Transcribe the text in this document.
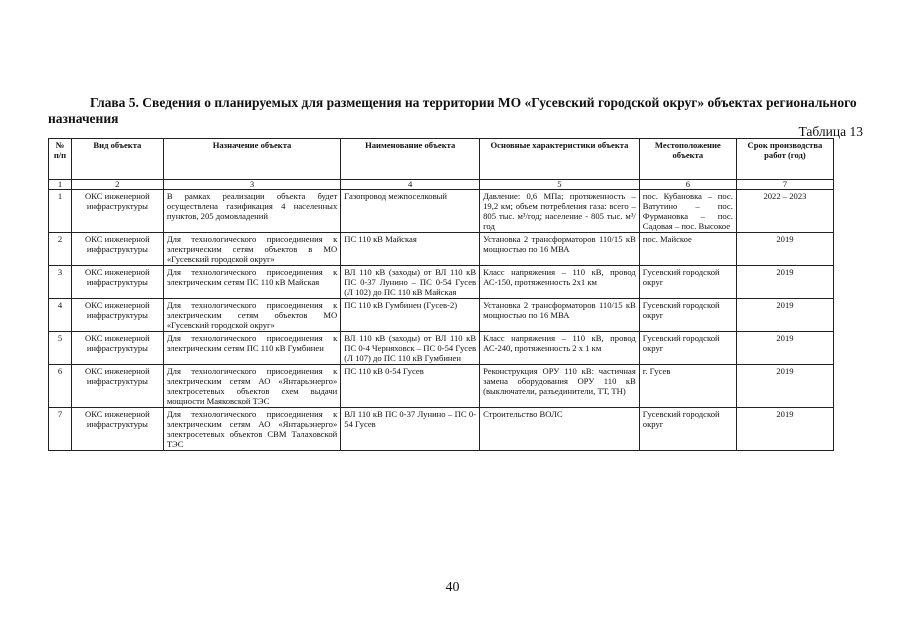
Глава 5. Сведения о планируемых для размещения на территории МО «Гусевский городской округ» объектах регионального назначения
Таблица 13
№ п/п	Вид объекта	Назначение объекта	Наименование объекта	Основные характеристики объекта	Местоположение объекта	Срок производства работ (год)
1	2	3	4	5	6	7
1	ОКС инженерной инфраструктуры	В рамках реализации объекта будет осуществлена газификация 4 населенных пунктов, 205 домовладений	Газопровод межпоселковый	Давление: 0,6 МПа; протяженность – 19,2 км; объем потребления газа: всего – 805 тыс. м³/год; население - 805 тыс. м³/год	пос. Кубановка – пос. Ватутино – пос. Фурмановка – пос. Садовая – пос. Высокое	2022 – 2023
2	ОКС инженерной инфраструктуры	Для технологического присоединения к электрическим сетям объектов в МО «Гусевский городской округ»	ПС 110 кВ Майская	Установка 2 трансформаторов 110/15 кВ мощностью по 16 МВА	пос. Майское	2019
3	ОКС инженерной инфраструктуры	Для технологического присоединения к электрическим сетям ПС 110 кВ Майская	ВЛ 110 кВ (заходы) от ВЛ 110 кВ ПС 0-37 Лунино – ПС 0-54 Гусев (Л 102) до ПС 110 кВ Майская	Класс напряжения – 110 кВ, провод АС-150, протяженность 2х1 км	Гусевский городской округ	2019
4	ОКС инженерной инфраструктуры	Для технологического присоединения к электрическим сетям объектов МО «Гусевский городской округ»	ПС 110 кВ Гумбинен (Гусев-2)	Установка 2 трансформаторов 110/15 кВ мощностью по 16 МВА	Гусевский городской округ	2019
5	ОКС инженерной инфраструктуры	Для технологического присоединения к электрическим сетям ПС 110 кВ Гумбинен	ВЛ 110 кВ (заходы) от ВЛ 110 кВ ПС 0-4 Черняховск – ПС 0-54 Гусев (Л 107) до ПС 110 кВ Гумбинен	Класс напряжения – 110 кВ, провод АС-240, протяженность 2 х 1 км	Гусевский городской округ	2019
6	ОКС инженерной инфраструктуры	Для технологического присоединения к электрическим сетям АО «Янтарьэнерго» электросетевых объектов схем выдачи мощности Маяковской ТЭС	ПС 110 кВ 0-54 Гусев	Реконструкция ОРУ 110 кВ: частичная замена оборудования ОРУ 110 кВ (выключатели, разъединители, ТТ, ТН)	г. Гусев	2019
7	ОКС инженерной инфраструктуры	Для технологического присоединения к электрическим сетям АО «Янтарьэнерго» электросетевых объектов СВМ Талаховской ТЭС	ВЛ 110 кВ ПС 0-37 Лунино – ПС 0-54 Гусев	Строительство ВОЛС	Гусевский городской округ	2019
40
